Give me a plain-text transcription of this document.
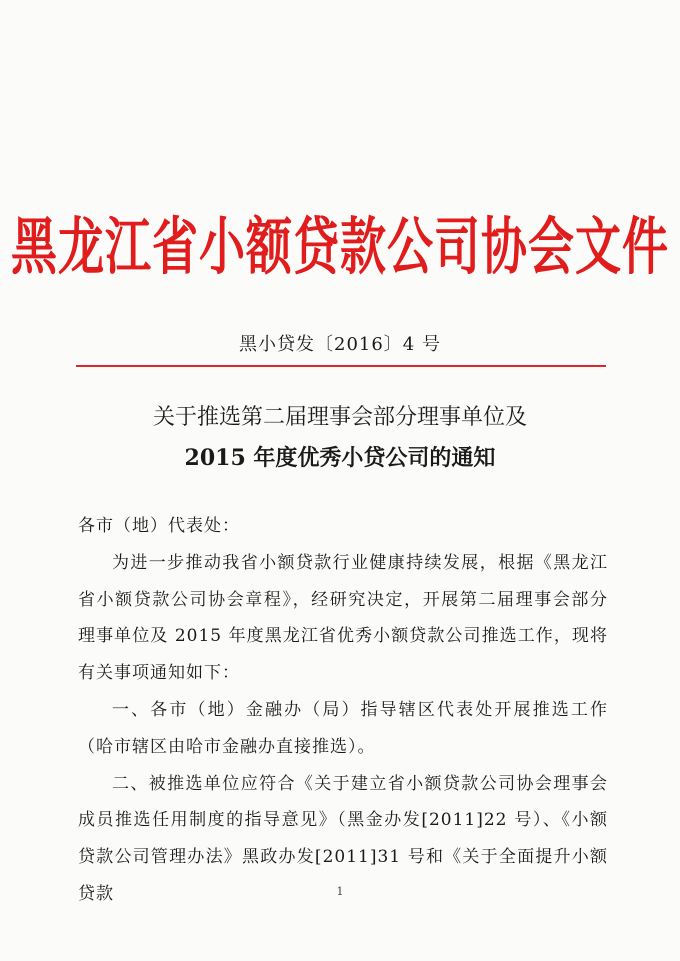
黑龙江省小额贷款公司协会文件
黑小贷发〔2016〕4 号
关于推选第二届理事会部分理事单位及
2015 年度优秀小贷公司的通知

各市（地）代表处：

为进一步推动我省小额贷款行业健康持续发展，根据《黑龙江省小额贷款公司协会章程》，经研究决定，开展第二届理事会部分理事单位及 2015 年度黑龙江省优秀小额贷款公司推选工作，现将有关事项通知如下：

一、各市（地）金融办（局）指导辖区代表处开展推选工作（哈市辖区由哈市金融办直接推选）。

二、被推选单位应符合《关于建立省小额贷款公司协会理事会成员推选任用制度的指导意见》（黑金办发[2011]22 号）、《小额贷款公司管理办法》黑政办发[2011]31 号和《关于全面提升小额贷款	1
